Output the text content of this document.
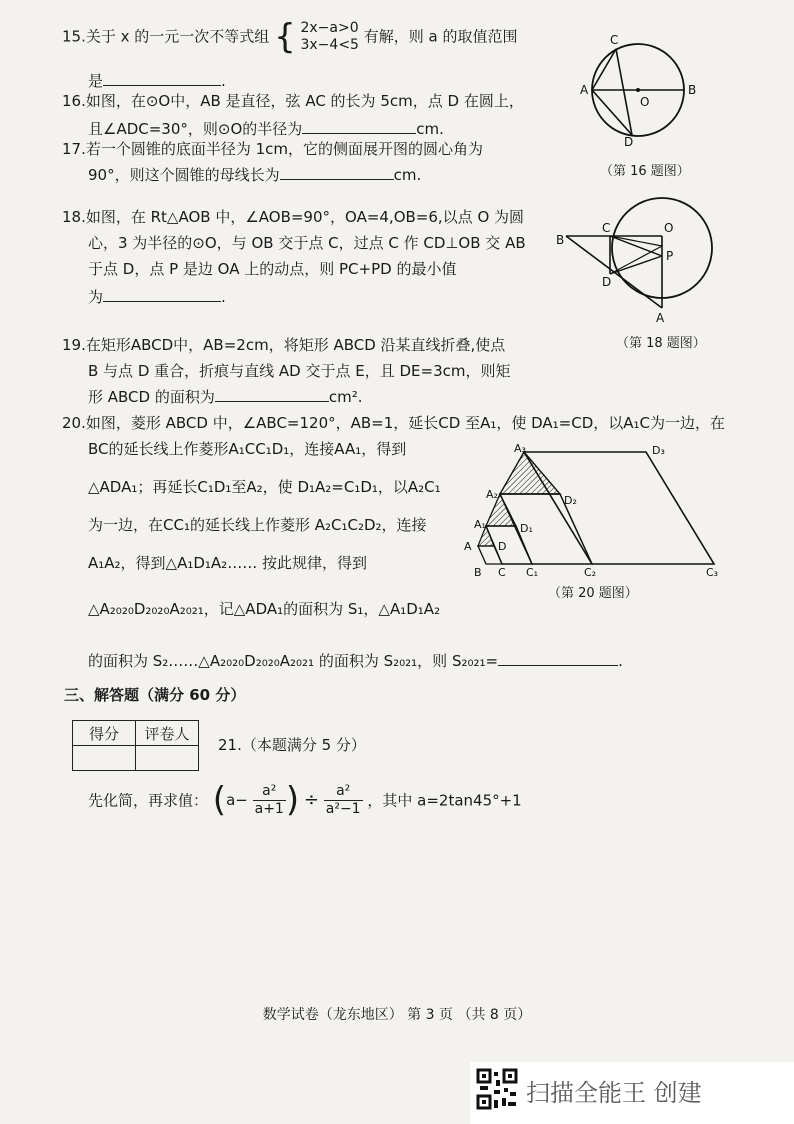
15.关于 x 的一元一次不等式组 { 2x−a>0
3x−4<5 有解，则 a 的取值范围
是	.
16.如图，在⊙O中，AB 是直径，弦 AC 的长为 5cm，点 D 在圆上，
且∠ADC=30°，则⊙O的半径为	cm.
C
A
O
B
D
（第 16 题图）
17.若一个圆锥的底面半径为 1cm，它的侧面展开图的圆心角为
90°，则这个圆锥的母线长为	cm.
18.如图，在 Rt△AOB 中，∠AOB=90°，OA=4,OB=6,以点 O 为圆
心，3 为半径的⊙O，与 OB 交于点 C，过点 C 作 CD⊥OB 交 AB
于点 D，点 P 是边 OA 上的动点，则 PC+PD 的最小值
为	.
B
C	O
P
D
A
（第 18 题图）
19.在矩形ABCD中，AB=2cm，将矩形 ABCD 沿某直线折叠,使点
B 与点 D 重合，折痕与直线 AD 交于点 E，且 DE=3cm，则矩
形 ABCD 的面积为	cm².
20.如图，菱形 ABCD 中，∠ABC=120°，AB=1，延长CD 至A₁，使 DA₁=CD，以A₁C为一边，在
BC的延长线上作菱形A₁CC₁D₁，连接AA₁，得到
△ADA₁；再延长C₁D₁至A₂，使 D₁A₂=C₁D₁，以A₂C₁
为一边，在CC₁的延长线上作菱形 A₂C₁C₂D₂，连接
A₁A₂，得到△A₁D₁A₂…… 按此规律，得到
△A₂₀₂₀D₂₀₂₀A₂₀₂₁，记△ADA₁的面积为 S₁，△A₁D₁A₂
的面积为 S₂……△A₂₀₂₀D₂₀₂₀A₂₀₂₁ 的面积为 S₂₀₂₁，则 S₂₀₂₁=	.
A₃	D₃
A₂	D₂
A₁	D₁
A D
B C C₁	C₂	C₃
（第 20 题图）
三、解答题（满分 60 分）
得分	评卷人

21.（本题满分 5 分）
先化简，再求值： ($a- \frac{\text{a²}}{a+1}$ ) ÷ $\frac{\text{a²}}{\text{a²−1}}$ ，其中 a=2tan45°+1
数学试卷（龙东地区） 第 3 页 （共 8 页）
扫描全能王 创建
